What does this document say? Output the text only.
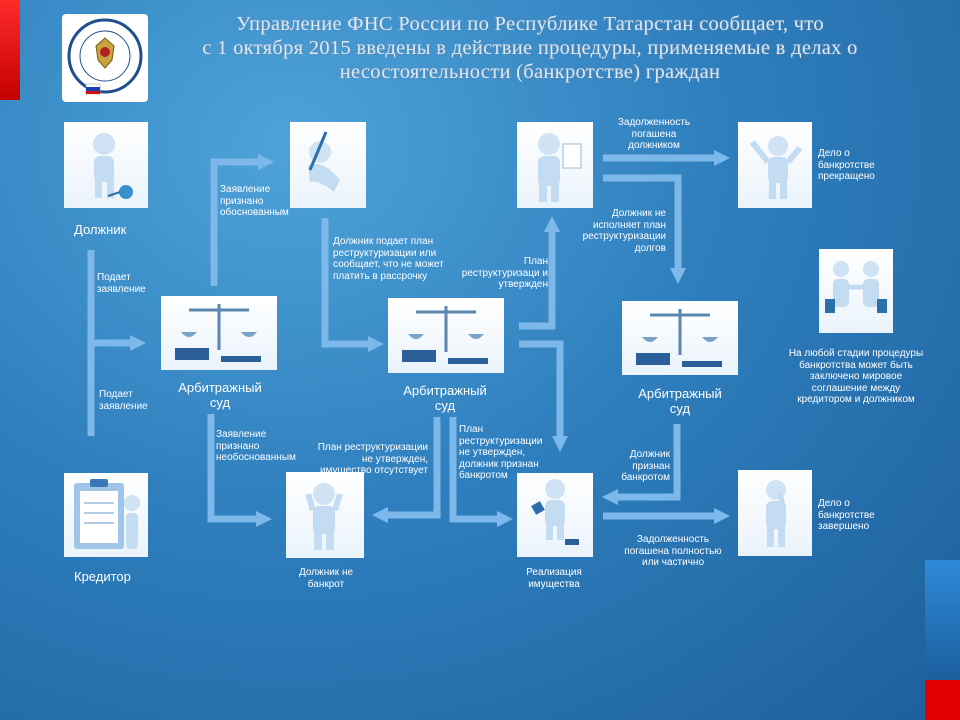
Управление ФНС России по Республике Татарстан сообщает, что
с 1 октября 2015 введены в действие процедуры, применяемые в делах о
несостоятельности (банкротстве) граждан
Должник
Кредитор
Арбитражный суд
Арбитражный суд
Арбитражный суд
Должник не банкрот
Реализация имущества
Дело о банкротстве прекращено
Дело о банкротстве завершено
На любой стадии процедуры банкротства может быть заключено мировое соглашение между кредитором и должником
Подает заявление
Подает заявление
Заявление признано обоснованным
Заявление признано необоснованным
Должник подает план реструктуризации или сообщает, что не может платить в рассрочку
План реструктуризаци и утвержден
План реструктуризации не утвержден, имущество отсутствует
План реструктуризации не утвержден, должник признан банкротом
Задолженность погашена должником
Должник не исполняет план реструктуризации долгов
Должник признан банкротом
Задолженность погашена полностью или частично
